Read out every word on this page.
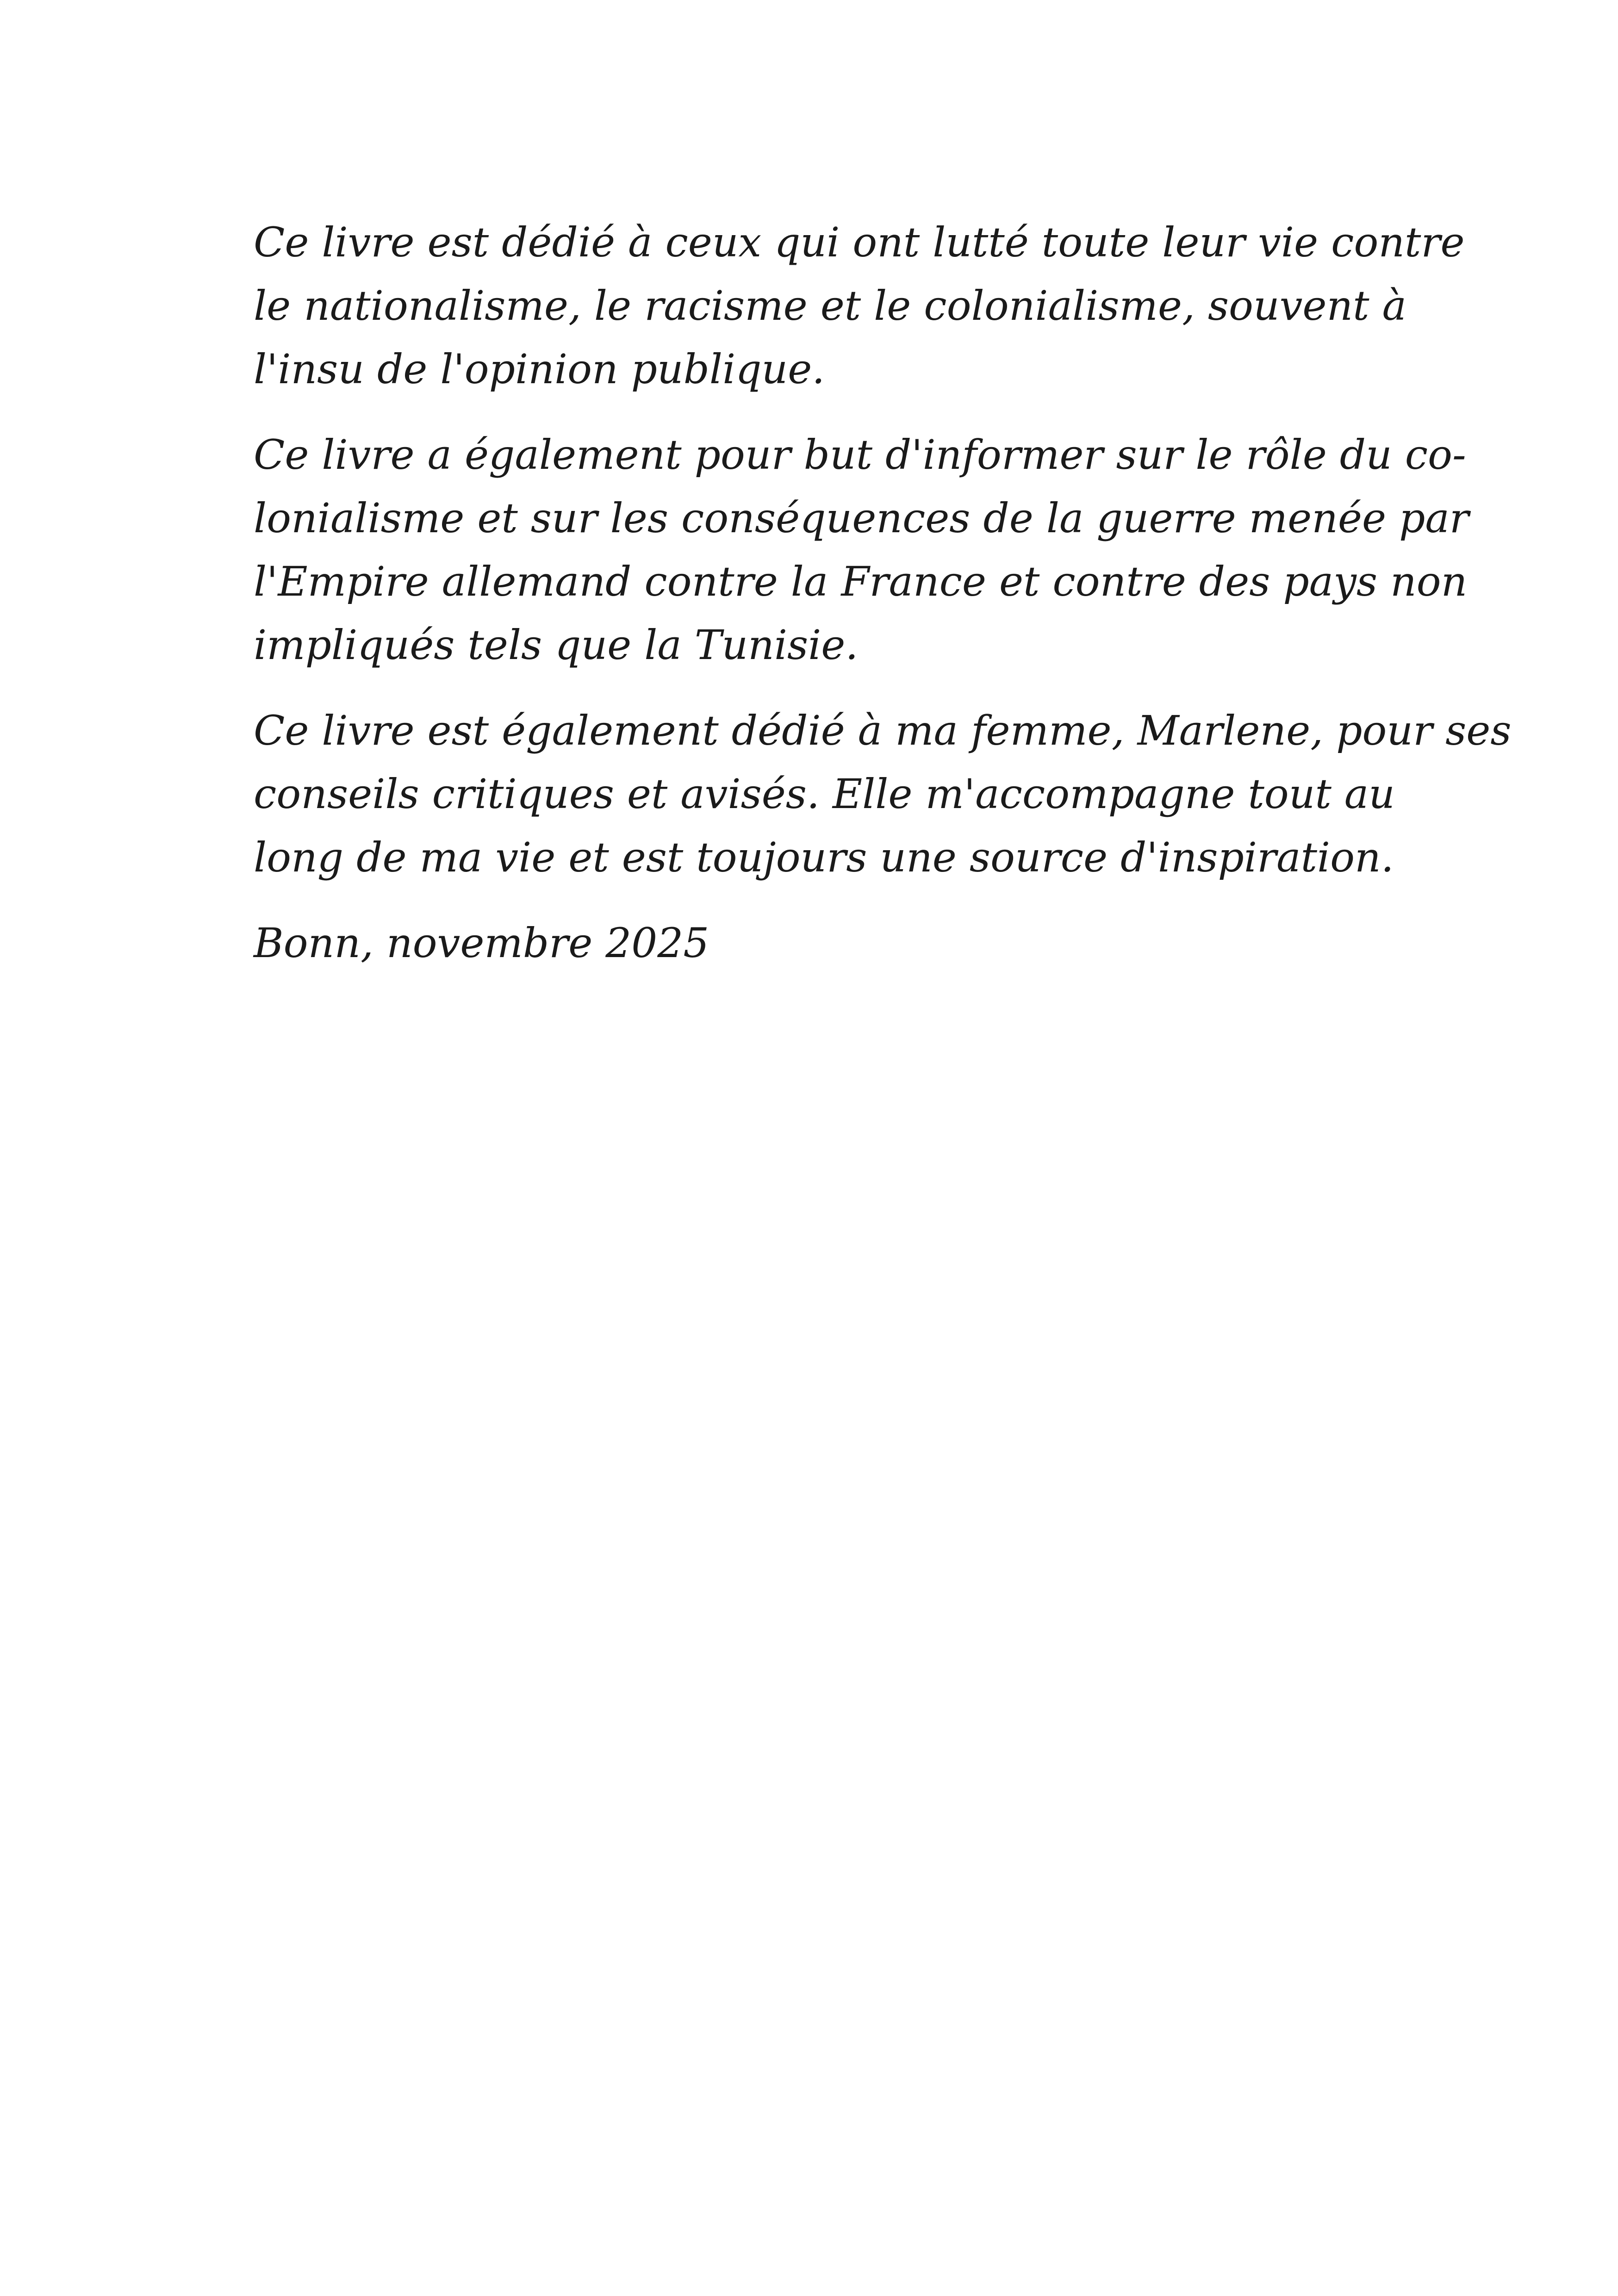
Ce livre est dédié à ceux qui ont lutté toute leur vie contre
le nationalisme, le racisme et le colonialisme, souvent à
l'insu de l'opinion publique.

Ce livre a également pour but d'informer sur le rôle du co-
lonialisme et sur les conséquences de la guerre menée par
l'Empire allemand contre la France et contre des pays non
impliqués tels que la Tunisie.

Ce livre est également dédié à ma femme, Marlene, pour ses
conseils critiques et avisés. Elle m'accompagne tout au
long de ma vie et est toujours une source d'inspiration.

Bonn, novembre 2025
